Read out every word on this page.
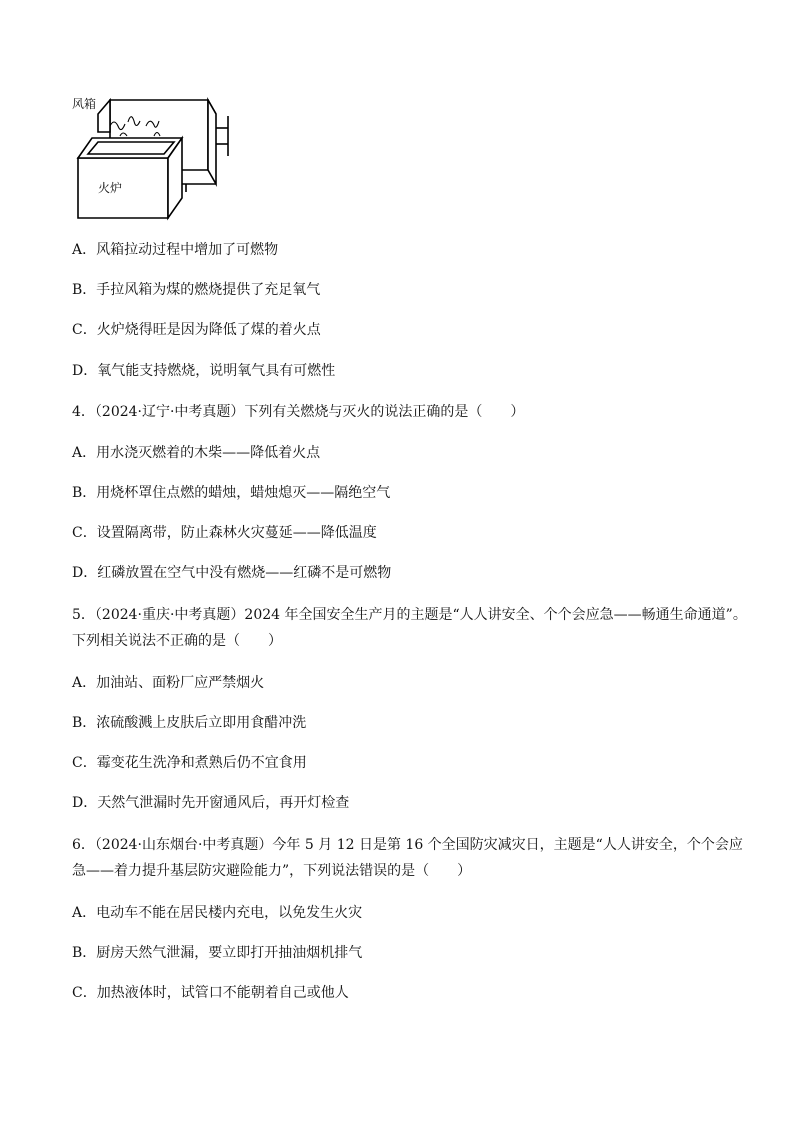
风箱
火炉
A．风箱拉动过程中增加了可燃物
B．手拉风箱为煤的燃烧提供了充足氧气
C．火炉烧得旺是因为降低了煤的着火点
D．氧气能支持燃烧，说明氧气具有可燃性
4．（2024·辽宁·中考真题）下列有关燃烧与灭火的说法正确的是（　　）
A．用水浇灭燃着的木柴——降低着火点
B．用烧杯罩住点燃的蜡烛，蜡烛熄灭——隔绝空气
C．设置隔离带，防止森林火灾蔓延——降低温度
D．红磷放置在空气中没有燃烧——红磷不是可燃物
5．（2024·重庆·中考真题）2024 年全国安全生产月的主题是“人人讲安全、个个会应急——畅通生命通道”。
下列相关说法不正确的是（　　）
A．加油站、面粉厂应严禁烟火
B．浓硫酸溅上皮肤后立即用食醋冲洗
C．霉变花生洗净和煮熟后仍不宜食用
D．天然气泄漏时先开窗通风后，再开灯检查
6．（2024·山东烟台·中考真题）今年 5 月 12 日是第 16 个全国防灾减灾日，主题是“人人讲安全，个个会应
急——着力提升基层防灾避险能力”，下列说法错误的是（　　）
A．电动车不能在居民楼内充电，以免发生火灾
B．厨房天然气泄漏，要立即打开抽油烟机排气
C．加热液体时，试管口不能朝着自己或他人
